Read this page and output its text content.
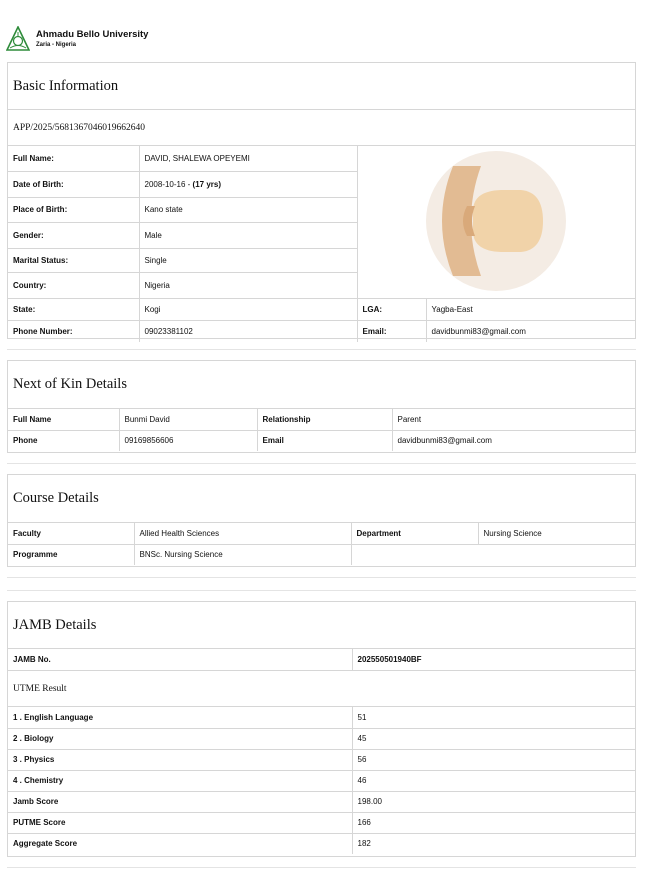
Ahmadu Bello University
Zaria - Nigeria
Basic Information
APP/2025/5681367046019662640
Full Name:	DAVID, SHALEWA OPEYEMI	
Date of Birth:	2008-10-16 - (17 yrs)		
Place of Birth:	Kano state		
Gender:	Male		
Marital Status:	Single		
Country:	Nigeria		
State:	Kogi	LGA:	Yagba-East
Phone Number:	09023381102	Email:	davidbunmi83@gmail.com
Next of Kin Details
Full Name	Bunmi David	Relationship	Parent
Phone	09169856606	Email	davidbunmi83@gmail.com
Course Details
Faculty	Allied Health Sciences	Department	Nursing Science
Programme	BNSc. Nursing Science		
JAMB Details
JAMB No.	202550501940BF
UTME Result
1 . English Language	51
2 . Biology	45
3 . Physics	56
4 . Chemistry	46
Jamb Score	198.00
PUTME Score	166
Aggregate Score	182
